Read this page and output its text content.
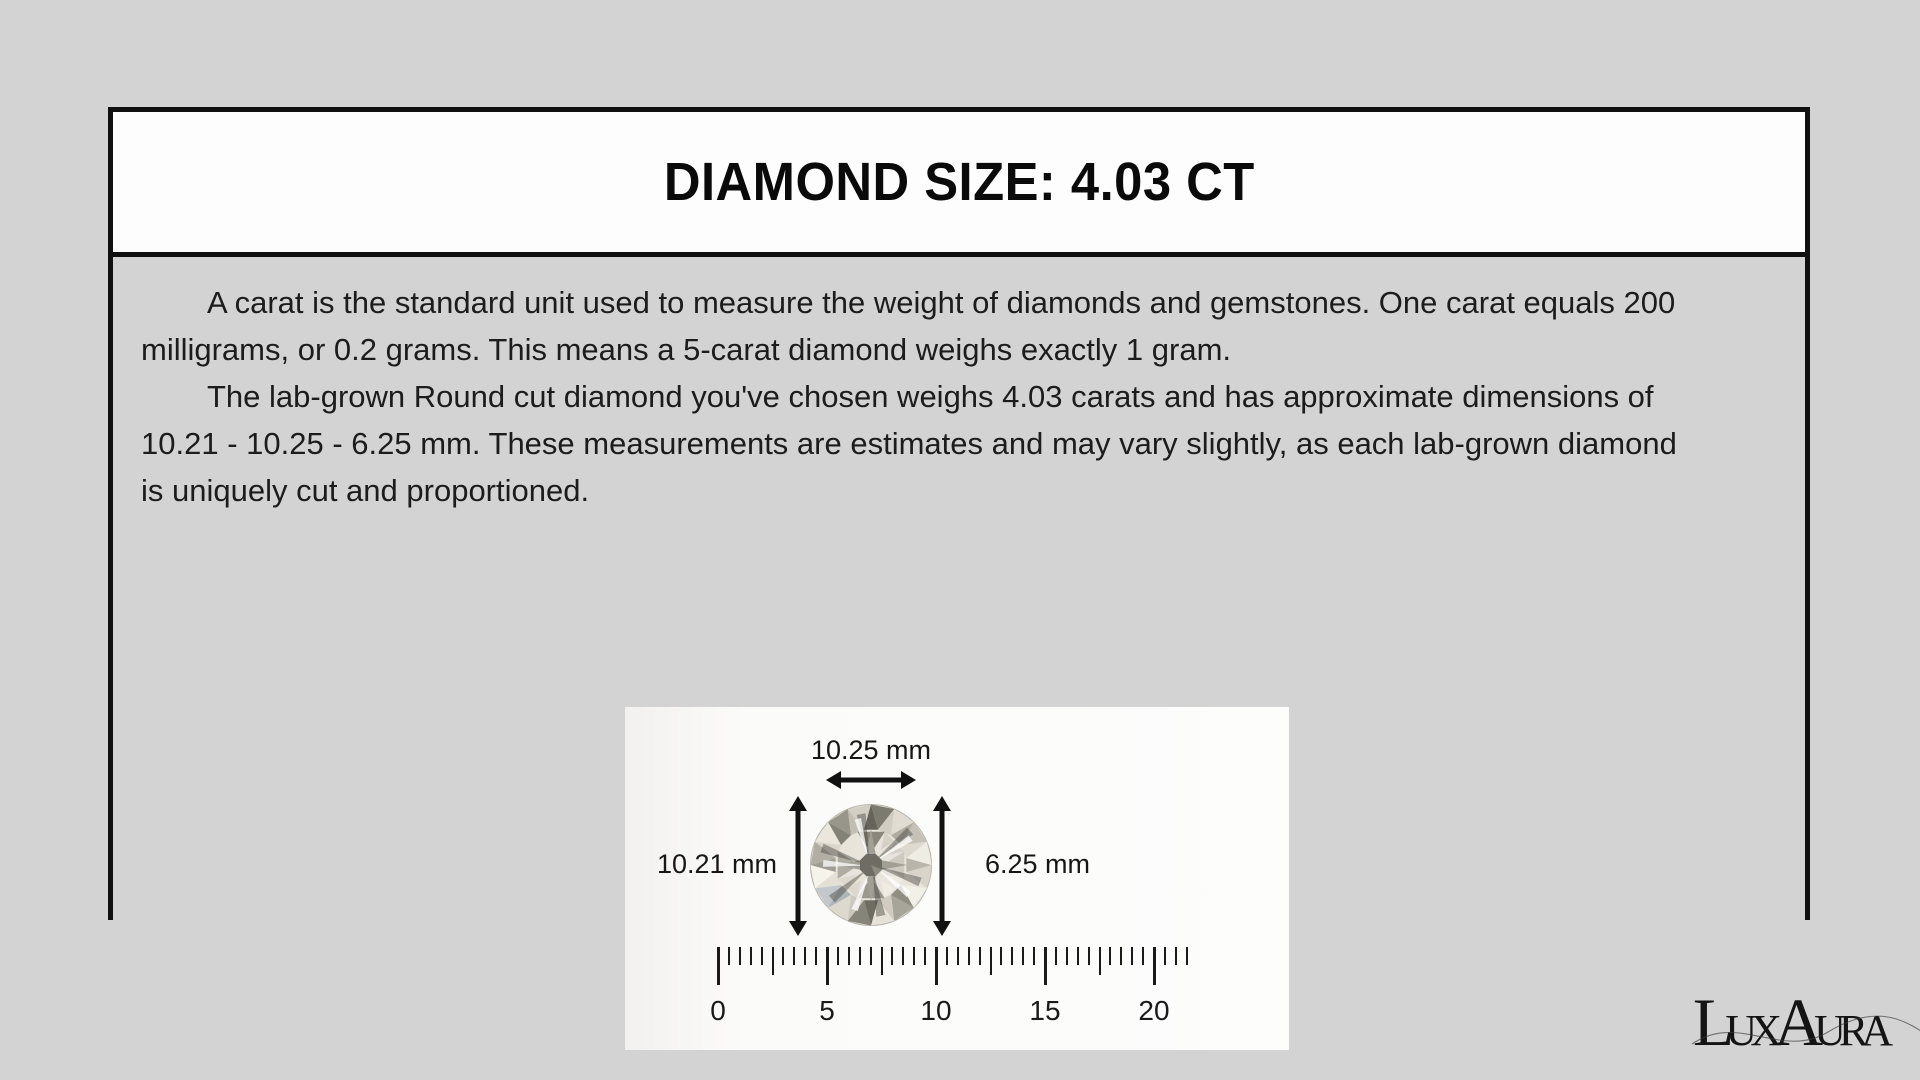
DIAMOND SIZE: 4.03 CT

A carat is the standard unit used to measure the weight of diamonds and gemstones. One carat equals 200 milligrams, or 0.2 grams. This means a 5-carat diamond weighs exactly 1 gram.

The lab-grown Round cut diamond you've chosen weighs 4.03 carats and has approximate dimensions of 10.21 - 10.25 - 6.25 mm. These measurements are estimates and may vary slightly, as each lab-grown diamond is uniquely cut and proportioned.

10.25 mm
10.21 mm	6.25 mm
0	5	10	15	20	LUXAURA
